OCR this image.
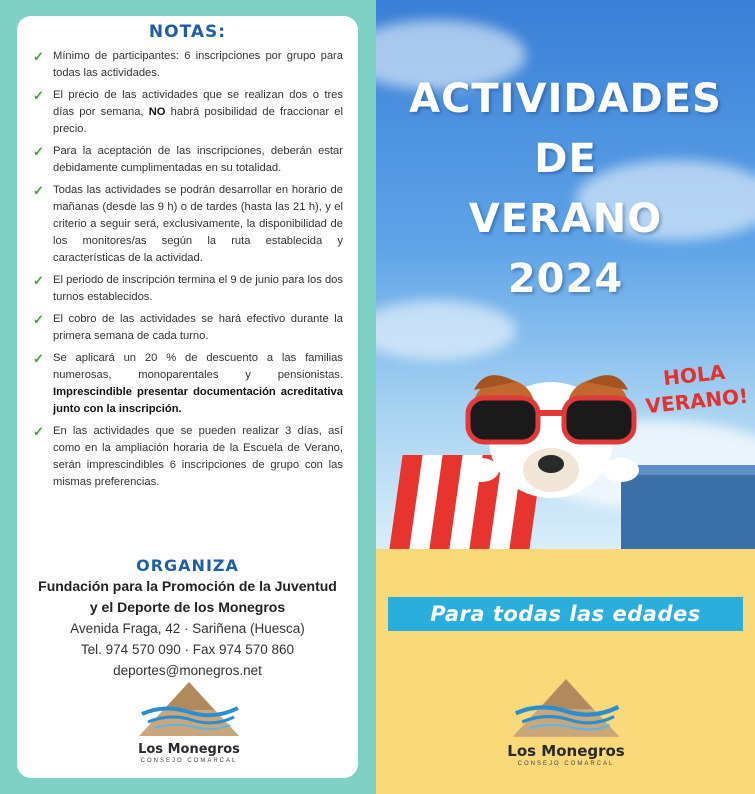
NOTAS:
✓ Mínimo de participantes: 6 inscripciones por grupo para todas las actividades.
✓ El precio de las actividades que se realizan dos o tres días por semana, NO habrá posibilidad de fraccionar el precio.
✓ Para la aceptación de las inscripciones, deberán estar debidamente cumplimentadas en su totalidad.
✓ Todas las actividades se podrán desarrollar en horario de mañanas (desde las 9 h) o de tardes (hasta las 21 h), y el criterio a seguir será, exclusivamente, la disponibilidad de los monitores/as según la ruta establecida y características de la actividad.
✓ El periodo de inscripción termina el 9 de junio para los dos turnos establecidos.
✓ El cobro de las actividades se hará efectivo durante la primera semana de cada turno.
✓ Se aplicará un 20 % de descuento a las familias numerosas, monoparentales y pensionistas. Imprescindible presentar documentación acreditativa junto con la inscripción.
✓ En las actividades que se pueden realizar 3 días, así como en la ampliación horaria de la Escuela de Verano, serán imprescindibles 6 inscripciones de grupo con las mismas preferencias.
ORGANIZA
Fundación para la Promoción de la Juventud
y el Deporte de los Monegros
Avenida Fraga, 42 · Sariñena (Huesca)
Tel. 974 570 090 · Fax 974 570 860
deportes@monegros.net
Los Monegros
CONSEJO COMARCAL
ACTIVIDADES
DE
VERANO
2024
HOLA
VERANO!
Para todas las edades
Los Monegros
CONSEJO COMARCAL
